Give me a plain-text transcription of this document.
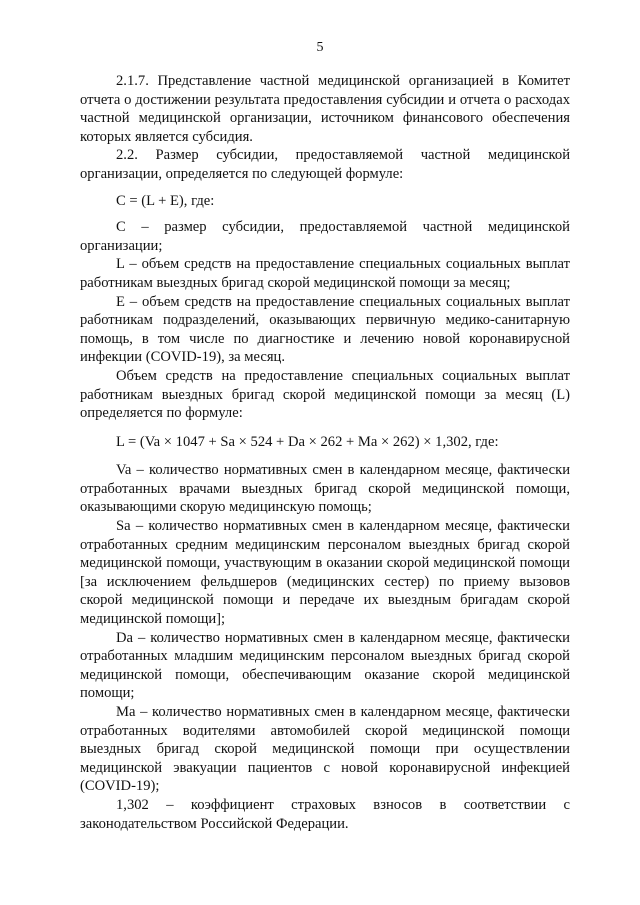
5

2.1.7. Представление частной медицинской организацией в Комитет отчета о достижении результата предоставления субсидии и отчета о расходах частной медицинской организации, источником финансового обеспечения которых является субсидия.

2.2. Размер субсидии, предоставляемой частной медицинской организации, определяется по следующей формуле:

С = (L + E), где:

С – размер субсидии, предоставляемой частной медицинской организации;

L – объем средств на предоставление специальных социальных выплат работникам выездных бригад скорой медицинской помощи за месяц;

Е – объем средств на предоставление специальных социальных выплат работникам подразделений, оказывающих первичную медико-санитарную помощь, в том числе по диагностике и лечению новой коронавирусной инфекции (COVID-19), за месяц.

Объем средств на предоставление специальных социальных выплат работникам выездных бригад скорой медицинской помощи за месяц (L) определяется по формуле:

L = (Va × 1047 + Sa × 524 + Da × 262 + Ma × 262) × 1,302, где:

Va – количество нормативных смен в календарном месяце, фактически отработанных врачами выездных бригад скорой медицинской помощи, оказывающими скорую медицинскую помощь;

Sa – количество нормативных смен в календарном месяце, фактически отработанных средним медицинским персоналом выездных бригад скорой медицинской помощи, участвующим в оказании скорой медицинской помощи [за исключением фельдшеров (медицинских сестер) по приему вызовов скорой медицинской помощи и передаче их выездным бригадам скорой медицинской помощи];

Da – количество нормативных смен в календарном месяце, фактически отработанных младшим медицинским персоналом выездных бригад скорой медицинской помощи, обеспечивающим оказание скорой медицинской помощи;

Ma – количество нормативных смен в календарном месяце, фактически отработанных водителями автомобилей скорой медицинской помощи выездных бригад скорой медицинской помощи при осуществлении медицинской эвакуации пациентов с новой коронавирусной инфекцией (COVID-19);

1,302 – коэффициент страховых взносов в соответствии с законодательством Российской Федерации.
